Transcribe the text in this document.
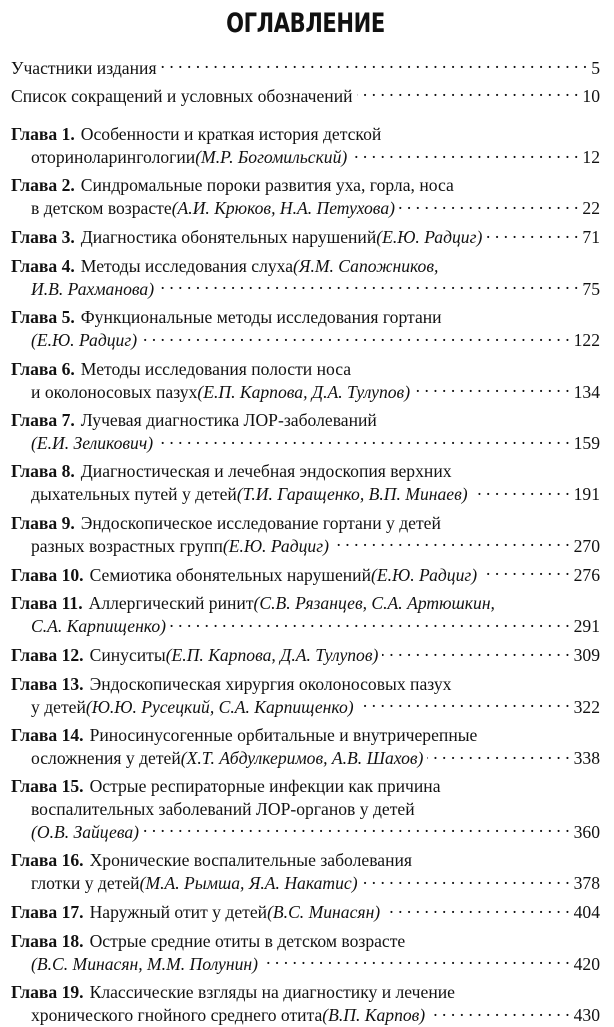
ОГЛАВЛЕНИЕ
Участники издания . . .	5
Список сокращений и условных обозначений . . .	10
Глава 1. Особенности и краткая история детской
оториноларингологии (М.Р. Богомильский) . . .	12
Глава 2. Синдромальные пороки развития уха, горла, носа
в детском возрасте (А.И. Крюков, Н.А. Петухова) . . .	22
Глава 3. Диагностика обонятельных нарушений (Е.Ю. Радциг) . . .	71
Глава 4. Методы исследования слуха (Я.М. Сапожников,
И.В. Рахманова) . . .	75
Глава 5. Функциональные методы исследования гортани
(Е.Ю. Радциг) . . .	122
Глава 6. Методы исследования полости носа
и околоносовых пазух (Е.П. Карпова, Д.А. Тулупов) . . .	134
Глава 7. Лучевая диагностика ЛОР-заболеваний
(Е.И. Зеликович) . . .	159
Глава 8. Диагностическая и лечебная эндоскопия верхних
дыхательных путей у детей (Т.И. Гаращенко, В.П. Минаев) . . .	191
Глава 9. Эндоскопическое исследование гортани у детей
разных возрастных групп (Е.Ю. Радциг) . . .	270
Глава 10. Семиотика обонятельных нарушений (Е.Ю. Радциг) . . .	276
Глава 11. Аллергический ринит (С.В. Рязанцев, С.А. Артюшкин,
С.А. Карпищенко) . . .	291
Глава 12. Синуситы (Е.П. Карпова, Д.А. Тулупов) . . .	309
Глава 13. Эндоскопическая хирургия околоносовых пазух
у детей (Ю.Ю. Русецкий, С.А. Карпищенко) . . .	322
Глава 14. Риносинусогенные орбитальные и внутричерепные
осложнения у детей (Х.Т. Абдулкеримов, А.В. Шахов) . . .	338
Глава 15. Острые респираторные инфекции как причина
воспалительных заболеваний ЛОР-органов у детей
(О.В. Зайцева) . . .	360
Глава 16. Хронические воспалительные заболевания
глотки у детей (М.А. Рымша, Я.А. Накатис) . . .	378
Глава 17. Наружный отит у детей (В.С. Минасян) . . .	404
Глава 18. Острые средние отиты в детском возрасте
(В.С. Минасян, М.М. Полунин) . . .	420
Глава 19. Классические взгляды на диагностику и лечение
хронического гнойного среднего отита (В.П. Карпов) . . .	430
